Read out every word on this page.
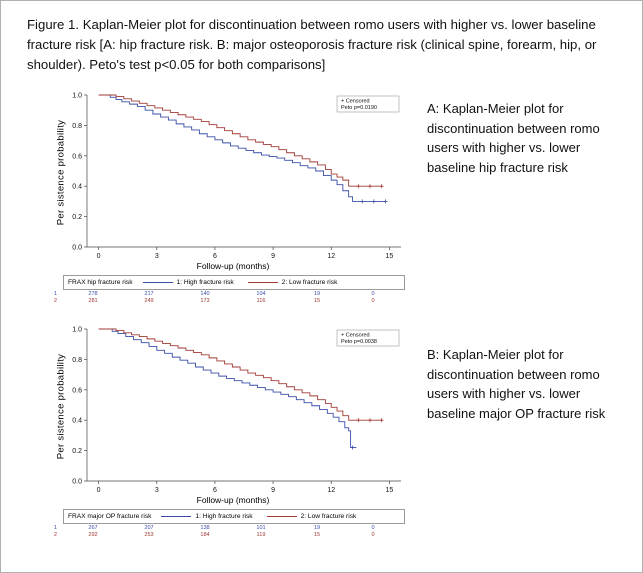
Figure 1. Kaplan-Meier plot for discontinuation between romo users with higher vs. lower baseline fracture risk [A: hip fracture risk. B: major osteoporosis fracture risk (clinical spine, forearm, hip, or shoulder). Peto's test p<0.05 for both comparisons]
Per sistence probability
0.0
0.2
0.4
0.6
0.8
1.0
0	3	6	9	12	15
+ Censored
Peto p=0.0190
Follow-up (months)
FRAX hip fracture risk	1: High fracture risk	2: Low fracture risk
1	278	217	140	104	19	0
2	281	249	173	116	15	0
A: Kaplan-Meier plot for discontinuation between romo users with higher vs. lower baseline hip fracture risk
Per sistence probability
0.0
0.2
0.4
0.6
0.8
1.0
0	3	6	9	12	15
+ Censored
Peto p=0.0038
Follow-up (months)
FRAX major OP fracture risk	1: High fracture risk	2: Low fracture risk
1	267	207	138	101	19	0
2	292	253	184	119	15	0
B: Kaplan-Meier plot for discontinuation between romo users with higher vs. lower baseline major OP fracture risk
